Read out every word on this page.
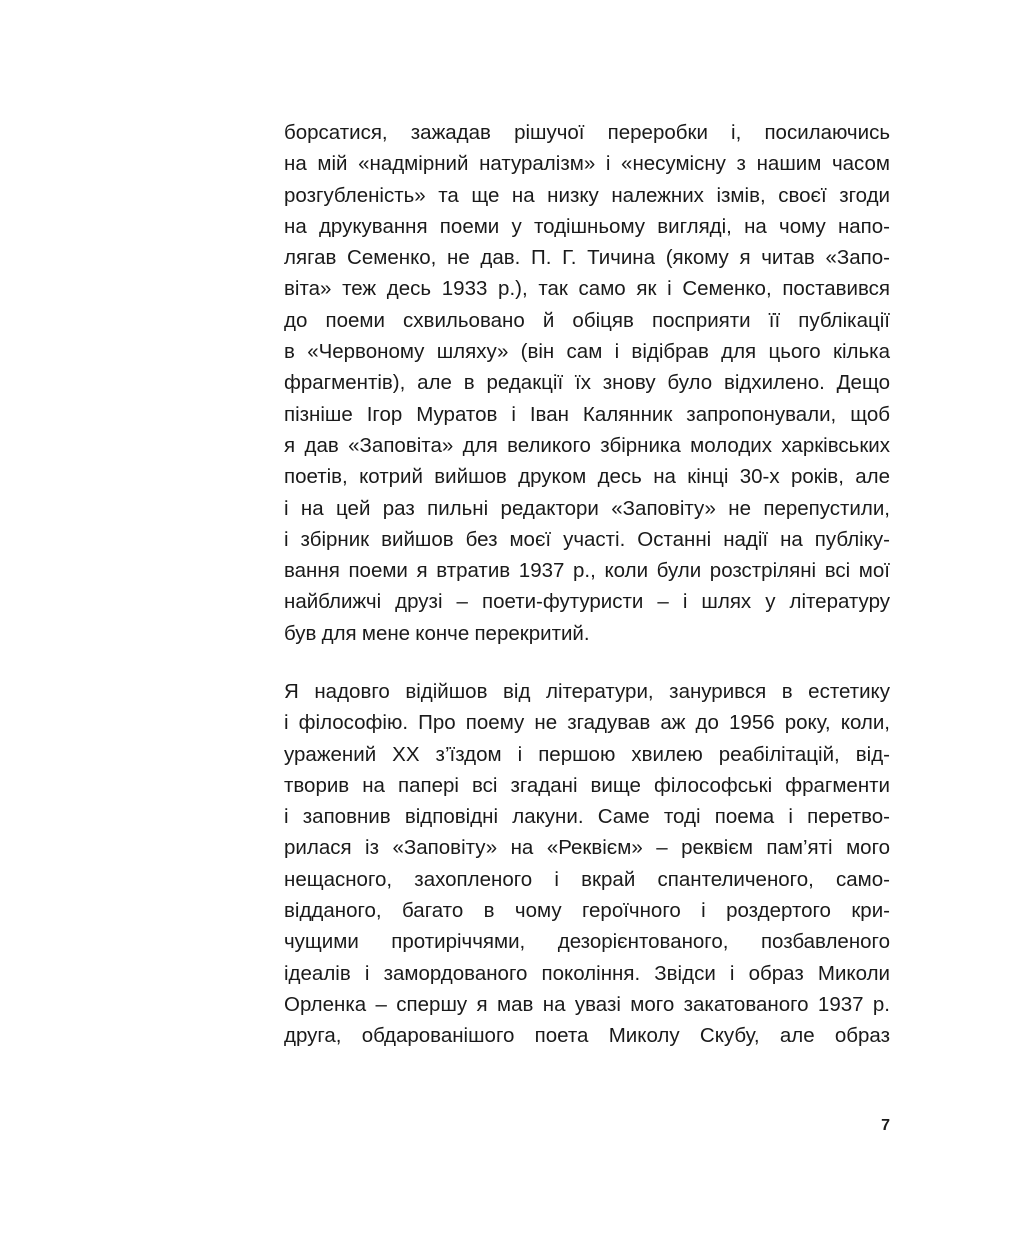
борсатися, зажадав рішучої переробки і, посилаючись
на мій «надмірний натуралізм» і «несумісну з нашим часом
розгубленість» та ще на низку належних ізмів, своєї згоди
на друкування поеми у тодішньому вигляді, на чому напо-
лягав Семенко, не дав. П. Г. Тичина (якому я читав «Запо-
віта» теж десь 1933 р.), так само як і Семенко, поставився
до поеми схвильовано й обіцяв посприяти її публікації
в «Червоному шляху» (він сам і відібрав для цього кілька
фрагментів), але в редакції їх знову було відхилено. Дещо
пізніше Ігор Муратов і Іван Калянник запропонували, щоб
я дав «Заповіта» для великого збірника молодих харківських
поетів, котрий вийшов друком десь на кінці 30-х років, але
і на цей раз пильні редактори «Заповіту» не перепустили,
і збірник вийшов без моєї участі. Останні надії на публіку-
вання поеми я втратив 1937 р., коли були розстріляні всі мої
найближчі друзі – поети-футуристи – і шлях у літературу
був для мене конче перекритий.
Я надовго відійшов від літератури, занурився в естетику
і філософію. Про поему не згадував аж до 1956 року, коли,
уражений ХХ з’їздом і першою хвилею реабілітацій, від-
творив на папері всі згадані вище філософські фрагменти
і заповнив відповідні лакуни. Саме тоді поема і перетво-
рилася із «Заповіту» на «Реквієм» – реквієм пам’яті мого
нещасного, захопленого і вкрай спантеличеного, само-
відданого, багато в чому героїчного і роздертого кри-
чущими протиріччями, дезорієнтованого, позбавленого
ідеалів і замордованого покоління. Звідси і образ Миколи
Орленка – спершу я мав на увазі мого закатованого 1937 р.
друга, обдарованішого поета Миколу Скубу, але образ
7
